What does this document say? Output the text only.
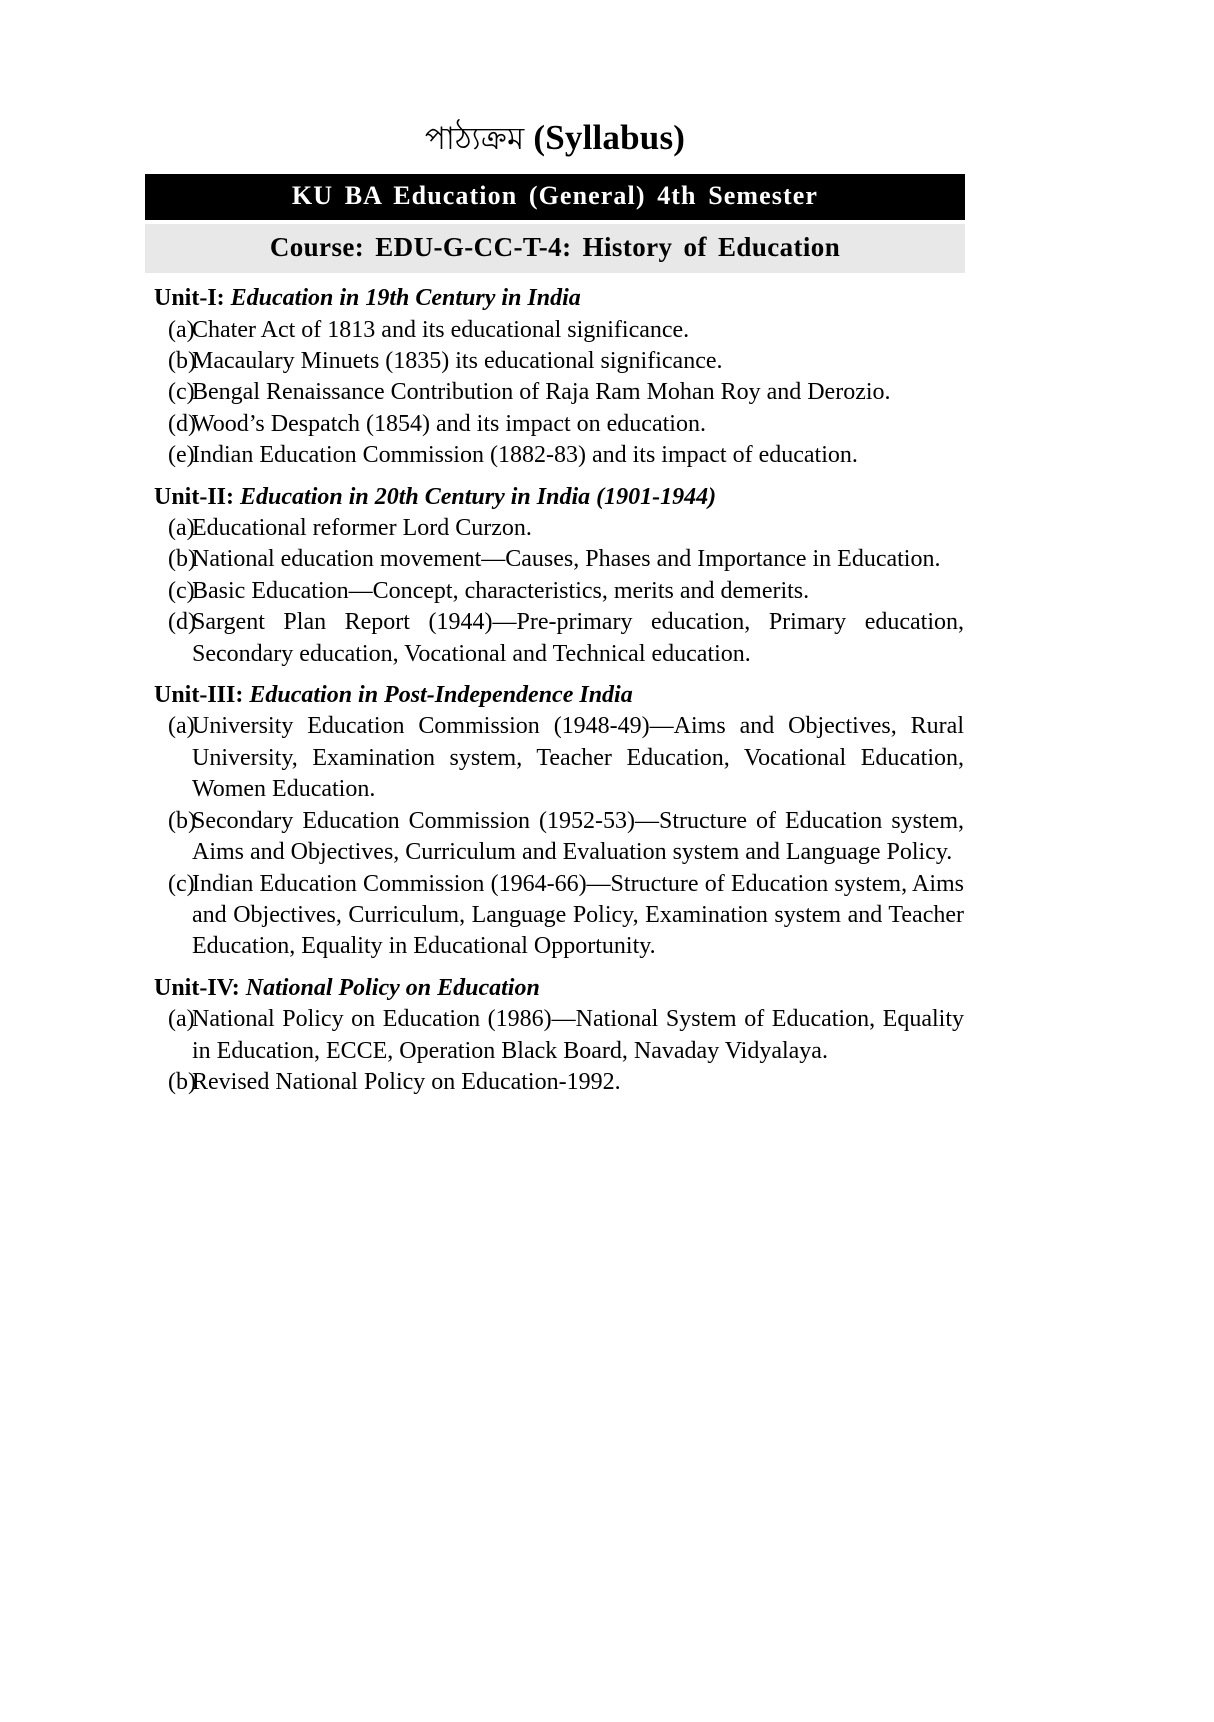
পাঠ্যক্রম (Syllabus)
KU BA Education (General) 4th Semester
Course: EDU-G-CC-T-4: History of Education
Unit-I: Education in 19th Century in India
(a)
Chater Act of 1813 and its educational significance.
(b)
Macaulary Minuets (1835) its educational significance.
(c)
Bengal Renaissance Contribution of Raja Ram Mohan Roy and Derozio.
(d)
Wood’s Despatch (1854) and its impact on education.
(e)
Indian Education Commission (1882-83) and its impact of education.
Unit-II: Education in 20th Century in India (1901-1944)
(a)
Educational reformer Lord Curzon.
(b)
National education movement—Causes, Phases and Importance in Education.
(c)
Basic Education—Concept, characteristics, merits and demerits.
(d)
Sargent Plan Report (1944)—Pre-primary education, Primary education, Secondary education, Vocational and Technical education.
Unit-III: Education in Post-Independence India
(a)
University Education Commission (1948-49)—Aims and Objectives, Rural University, Examination system, Teacher Education, Vocational Education, Women Education.
(b)
Secondary Education Commission (1952-53)—Structure of Education system, Aims and Objectives, Curriculum and Evaluation system and Language Policy.
(c)
Indian Education Commission (1964-66)—Structure of Education system, Aims and Objectives, Curriculum, Language Policy, Examination system and Teacher Education, Equality in Educational Opportunity.
Unit-IV: National Policy on Education
(a)
National Policy on Education (1986)—National System of Education, Equality in Education, ECCE, Operation Black Board, Navaday Vidyalaya.
(b)
Revised National Policy on Education-1992.
